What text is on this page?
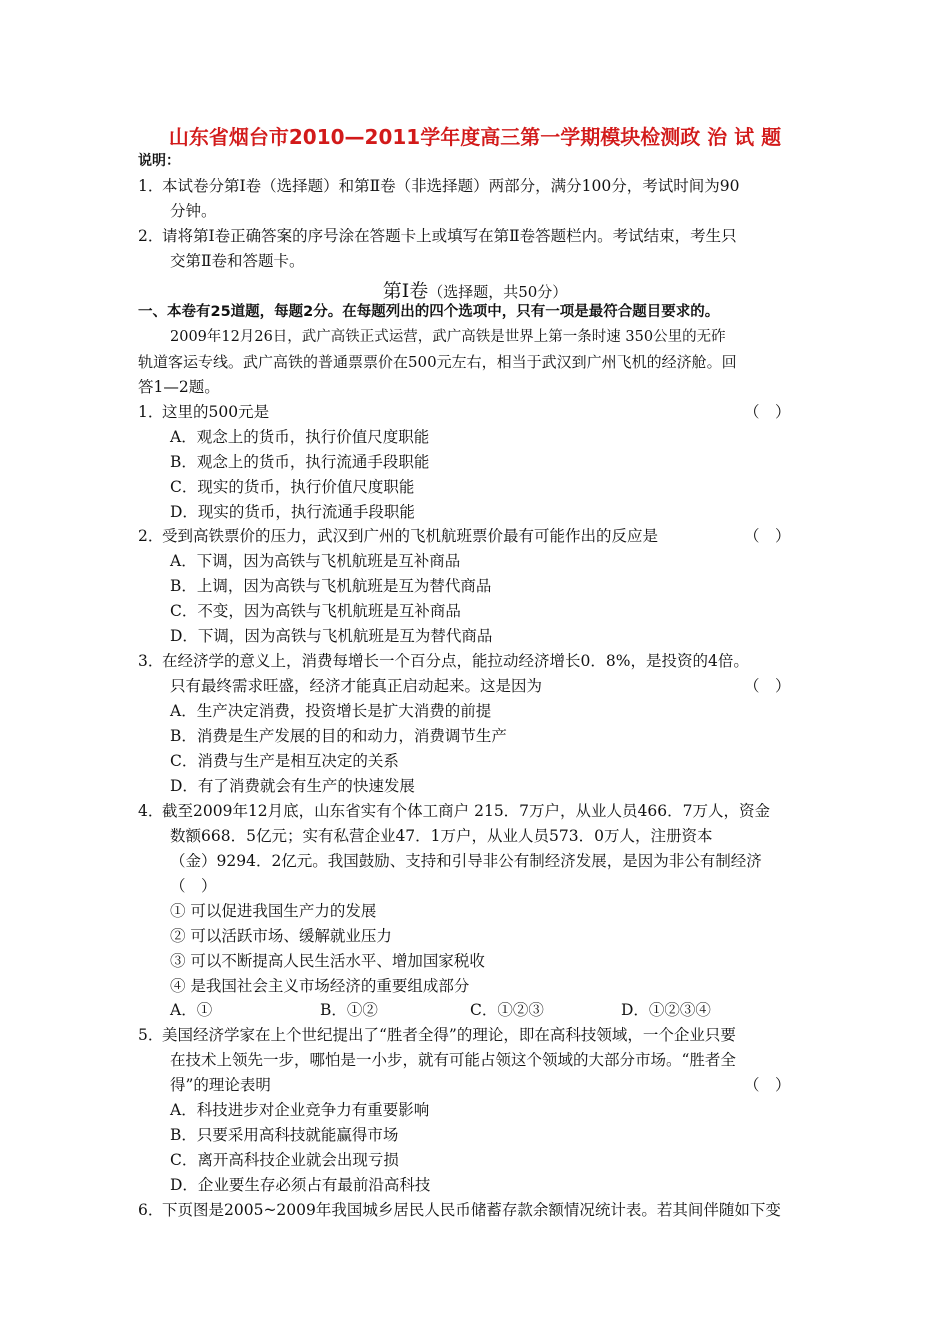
山东省烟台市2010—2011学年度高三第一学期模块检测政 治 试 题
说明：
1．
本试卷分第Ⅰ卷（选择题）和第Ⅱ卷（非选择题）两部分，满分100分，考试时间为90
分钟。
2．
请将第Ⅰ卷正确答案的序号涂在答题卡上或填写在第Ⅱ卷答题栏内。考试结束，考生只
交第Ⅱ卷和答题卡。
第Ⅰ卷（选择题，共50分）
一、本卷有25道题，每题2分。在每题列出的四个选项中，只有一项是最符合题目要求的。
2009年12月26日，武广高铁正式运营，武广高铁是世界上第一条时速 350公里的无砟
轨道客运专线。武广高铁的普通票票价在500元左右，相当于武汉到广州飞机的经济舱。回
答1—2题。
1．
这里的500元是	（　）
A．观念上的货币，执行价值尺度职能
B．观念上的货币，执行流通手段职能
C．现实的货币，执行价值尺度职能
D．现实的货币，执行流通手段职能
2．
受到高铁票价的压力，武汉到广州的飞机航班票价最有可能作出的反应是	（　）
A．下调，因为高铁与飞机航班是互补商品
B．上调，因为高铁与飞机航班是互为替代商品
C．不变，因为高铁与飞机航班是互补商品
D．下调，因为高铁与飞机航班是互为替代商品
3．
在经济学的意义上，消费每增长一个百分点，能拉动经济增长0．8%，是投资的4倍。
只有最终需求旺盛，经济才能真正启动起来。这是因为	（　）
A．生产决定消费，投资增长是扩大消费的前提
B．消费是生产发展的目的和动力，消费调节生产
C．消费与生产是相互决定的关系
D．有了消费就会有生产的快速发展
4．
截至2009年12月底，山东省实有个体工商户 215．7万户，从业人员466．7万人，资金
数额668．5亿元；实有私营企业47．1万户，从业人员573．0万人，注册资本
（金）9294．2亿元。我国鼓励、支持和引导非公有制经济发展，是因为非公有制经济
（　）
① 可以促进我国生产力的发展
② 可以活跃市场、缓解就业压力
③ 可以不断提高人民生活水平、增加国家税收
④ 是我国社会主义市场经济的重要组成部分
A．①	B．①②	C．①②③	D．①②③④
5．
美国经济学家在上个世纪提出了“胜者全得”的理论，即在高科技领域，一个企业只要
在技术上领先一步，哪怕是一小步，就有可能占领这个领域的大部分市场。“胜者全
得”的理论表明	（　）
A．科技进步对企业竞争力有重要影响
B．只要采用高科技就能赢得市场
C．离开高科技企业就会出现亏损
D．企业要生存必须占有最前沿高科技
6．
下页图是2005~2009年我国城乡居民人民币储蓄存款余额情况统计表。若其间伴随如下变
